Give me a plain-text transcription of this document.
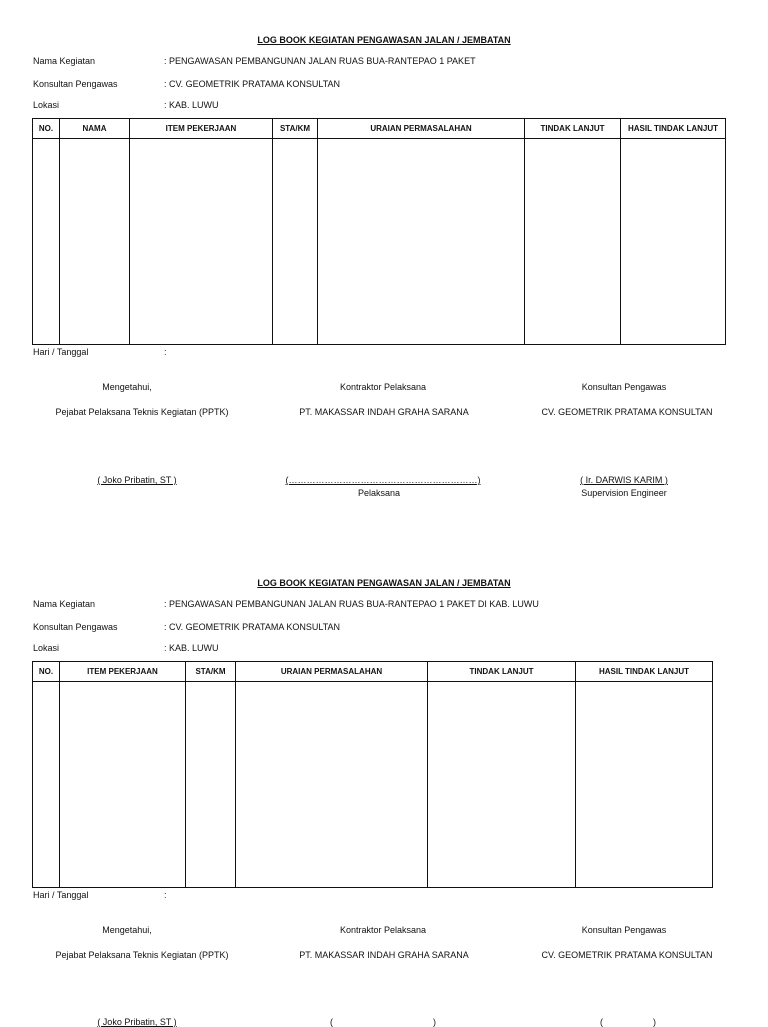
LOG BOOK KEGIATAN PENGAWASAN JALAN / JEMBATAN
Nama Kegiatan	: PENGAWASAN PEMBANGUNAN JALAN RUAS BUA-RANTEPAO 1 PAKET
Konsultan Pengawas	: CV. GEOMETRIK PRATAMA KONSULTAN
Lokasi	: KAB. LUWU
NO.	NAMA	ITEM PEKERJAAN	STA/KM	URAIAN PERMASALAHAN	TINDAK LANJUT	HASIL TINDAK LANJUT

Hari / Tanggal	:
Mengetahui,
Pejabat Pelaksana Teknis Kegiatan (PPTK)
( Joko Pribatin, ST )
Kontraktor Pelaksana
PT. MAKASSAR INDAH GRAHA SARANA
(………………………………………………………)
Pelaksana
Konsultan Pengawas
CV. GEOMETRIK PRATAMA KONSULTAN
( Ir. DARWIS KARIM )
Supervision Engineer
LOG BOOK KEGIATAN PENGAWASAN JALAN / JEMBATAN
Nama Kegiatan	: PENGAWASAN PEMBANGUNAN JALAN RUAS BUA-RANTEPAO 1 PAKET DI KAB. LUWU
Konsultan Pengawas	: CV. GEOMETRIK PRATAMA KONSULTAN
Lokasi	: KAB. LUWU
NO.	ITEM PEKERJAAN	STA/KM	URAIAN PERMASALAHAN	TINDAK LANJUT	HASIL TINDAK LANJUT

Hari / Tanggal	:
Mengetahui,
Pejabat Pelaksana Teknis Kegiatan (PPTK)
( Joko Pribatin, ST )
Kontraktor Pelaksana
PT. MAKASSAR INDAH GRAHA SARANA
(                                        )
Konsultan Pengawas
CV. GEOMETRIK PRATAMA KONSULTAN
(                    )
